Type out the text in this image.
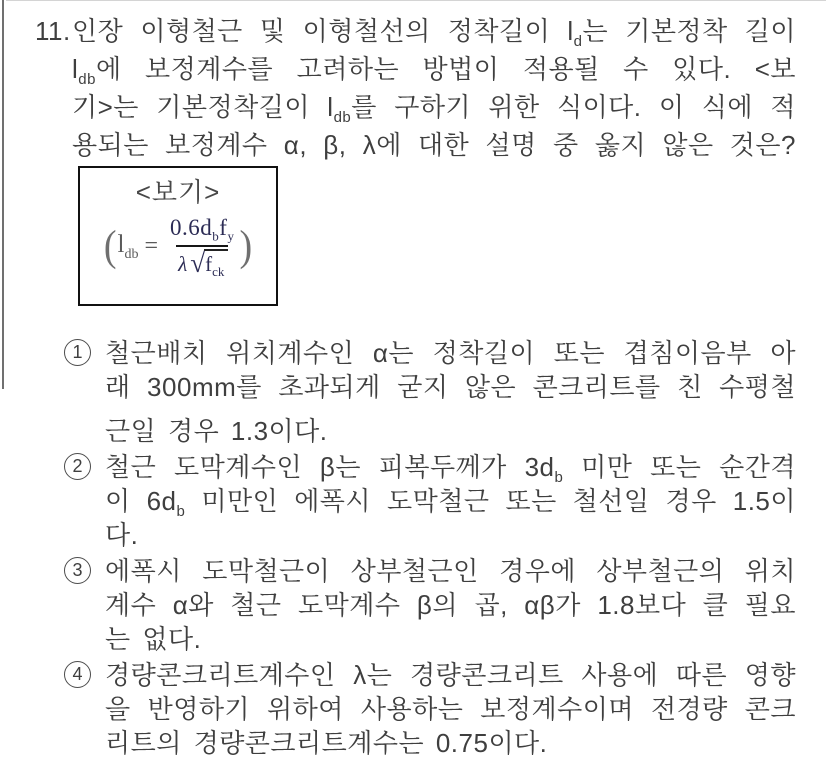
11. 인장 이형철근 및 이형철선의 정착길이 $l_d$는 기본정착 길이
$l_{db}$에 보정계수를 고려하는 방법이 적용될 수 있다. <보
기>는 기본정착길이 $l_{db}$를 구하기 위한 식이다. 이 식에 적
용되는 보정계수 α, β, λ에 대한 설명 중 옳지 않은 것은?
<보기>
( $l_{db} = \frac{0.6d_bf_y}{\lambda √ f_{ck}}$ )
1 철근배치 위치계수인 α는 정착길이 또는 겹침이음부 아
래 300mm를 초과되게 굳지 않은 콘크리트를 친 수평철
근일 경우 1.3이다.
2 철근 도막계수인 β는 피복두께가 $3d_b$ 미만 또는 순간격
이 $6d_b$ 미만인 에폭시 도막철근 또는 철선일 경우 1.5이
다.
3 에폭시 도막철근이 상부철근인 경우에 상부철근의 위치
계수 α와 철근 도막계수 β의 곱, αβ가 1.8보다 클 필요
는 없다.
4 경량콘크리트계수인 λ는 경량콘크리트 사용에 따른 영향
을 반영하기 위하여 사용하는 보정계수이며 전경량 콘크
리트의 경량콘크리트계수는 0.75이다.
